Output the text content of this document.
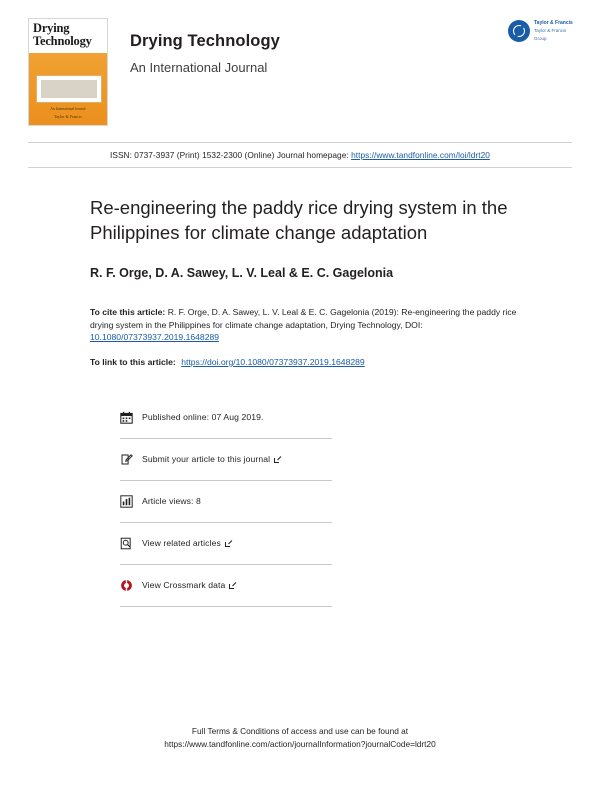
Drying
Technology
An International Journal
Taylor & Francis
Drying Technology
An International Journal
Taylor & Francis
Taylor & Francis Group
ISSN: 0737-3937 (Print) 1532-2300 (Online) Journal homepage: https://www.tandfonline.com/loi/ldrt20
Re-engineering the paddy rice drying system in the Philippines for climate change adaptation
R. F. Orge, D. A. Sawey, L. V. Leal & E. C. Gagelonia
To cite this article: R. F. Orge, D. A. Sawey, L. V. Leal & E. C. Gagelonia (2019): Re-engineering the paddy rice drying system in the Philippines for climate change adaptation, Drying Technology, DOI: 10.1080/07373937.2019.1648289
To link to this article: https://doi.org/10.1080/07373937.2019.1648289
Published online: 07 Aug 2019.
Submit your article to this journal
Article views: 8
View related articles
View Crossmark data
Full Terms & Conditions of access and use can be found at
https://www.tandfonline.com/action/journalInformation?journalCode=ldrt20
